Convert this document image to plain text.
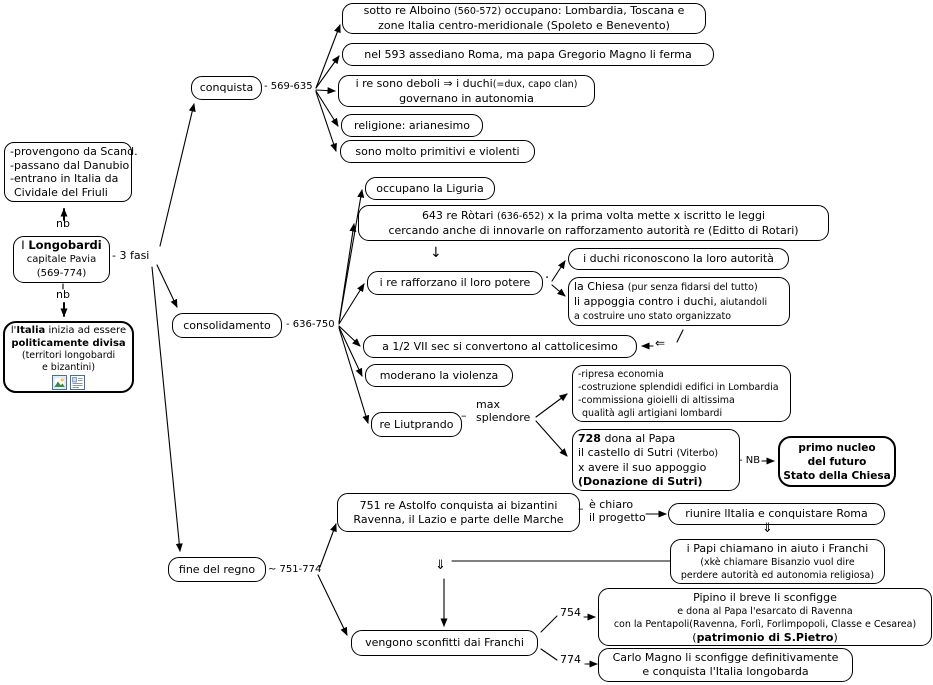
-provengono da Scand.
-passano dal Danubio
-entrano in Italia da
Cividale del Friuli
nb
I Longobardi
capitale Pavia
(569-774)
- 3 fasi
nb
l'Italia inizia ad essere
politicamente divisa
(territori longobardi
e bizantini)
conquista - 569-635
sotto re Alboino (560-572) occupano: Lombardia, Toscana e
zone Italia centro-meridionale (Spoleto e Benevento)
nel 593 assediano Roma, ma papa Gregorio Magno li ferma
i re sono deboli ⇒ i duchi(=dux, capo clan)
governano in autonomia
religione: arianesimo
sono molto primitivi e violenti
consolidamento - 636-750
occupano la Liguria
643 re Ròtari (636-652) x la prima volta mette x iscritto le leggi
cercando anche di innovarle on rafforzamento autorità re (Editto di Rotari)
↓
i re rafforzano il loro potere ·
i duchi riconoscono la loro autorità
la Chiesa (pur senza fidarsi del tutto)
li appoggia contro i duchi, aiutandoli
a costruire uno stato organizzato
a 1/2 VII sec si convertono al cattolicesimo	⇐
moderano la violenza
re Liutprando
–
max
splendore
-ripresa economia
-costruzione splendidi edifici in Lombardia
-commissiona gioielli di altissima
qualità agli artigiani lombardi
728 dona al Papa
il castello di Sutri (Viterbo)
x avere il suo appoggio
(Donazione di Sutri)
- NB
primo nucleo
del futuro
Stato della Chiesa
fine del regno ~ 751-774
751 re Astolfo conquista ai bizantini
Ravenna, il Lazio e parte delle Marche
– è chiaro
il progetto	riunire lItalia e conquistare Roma
⇓
i Papi chiamano in aiuto i Franchi
(xkè chiamare Bisanzio vuol dire
perdere autorità ed autonomia religiosa)
⇓
vengono sconfitti dai Franchi
754
774
Pipino il breve li sconfigge
e dona al Papa l'esarcato di Ravenna
con la Pentapoli(Ravenna, Forlì, Forlimpopoli, Classe e Cesarea)
(patrimonio di S.Pietro)
Carlo Magno li sconfigge definitivamente
e conquista l'Italia longobarda
